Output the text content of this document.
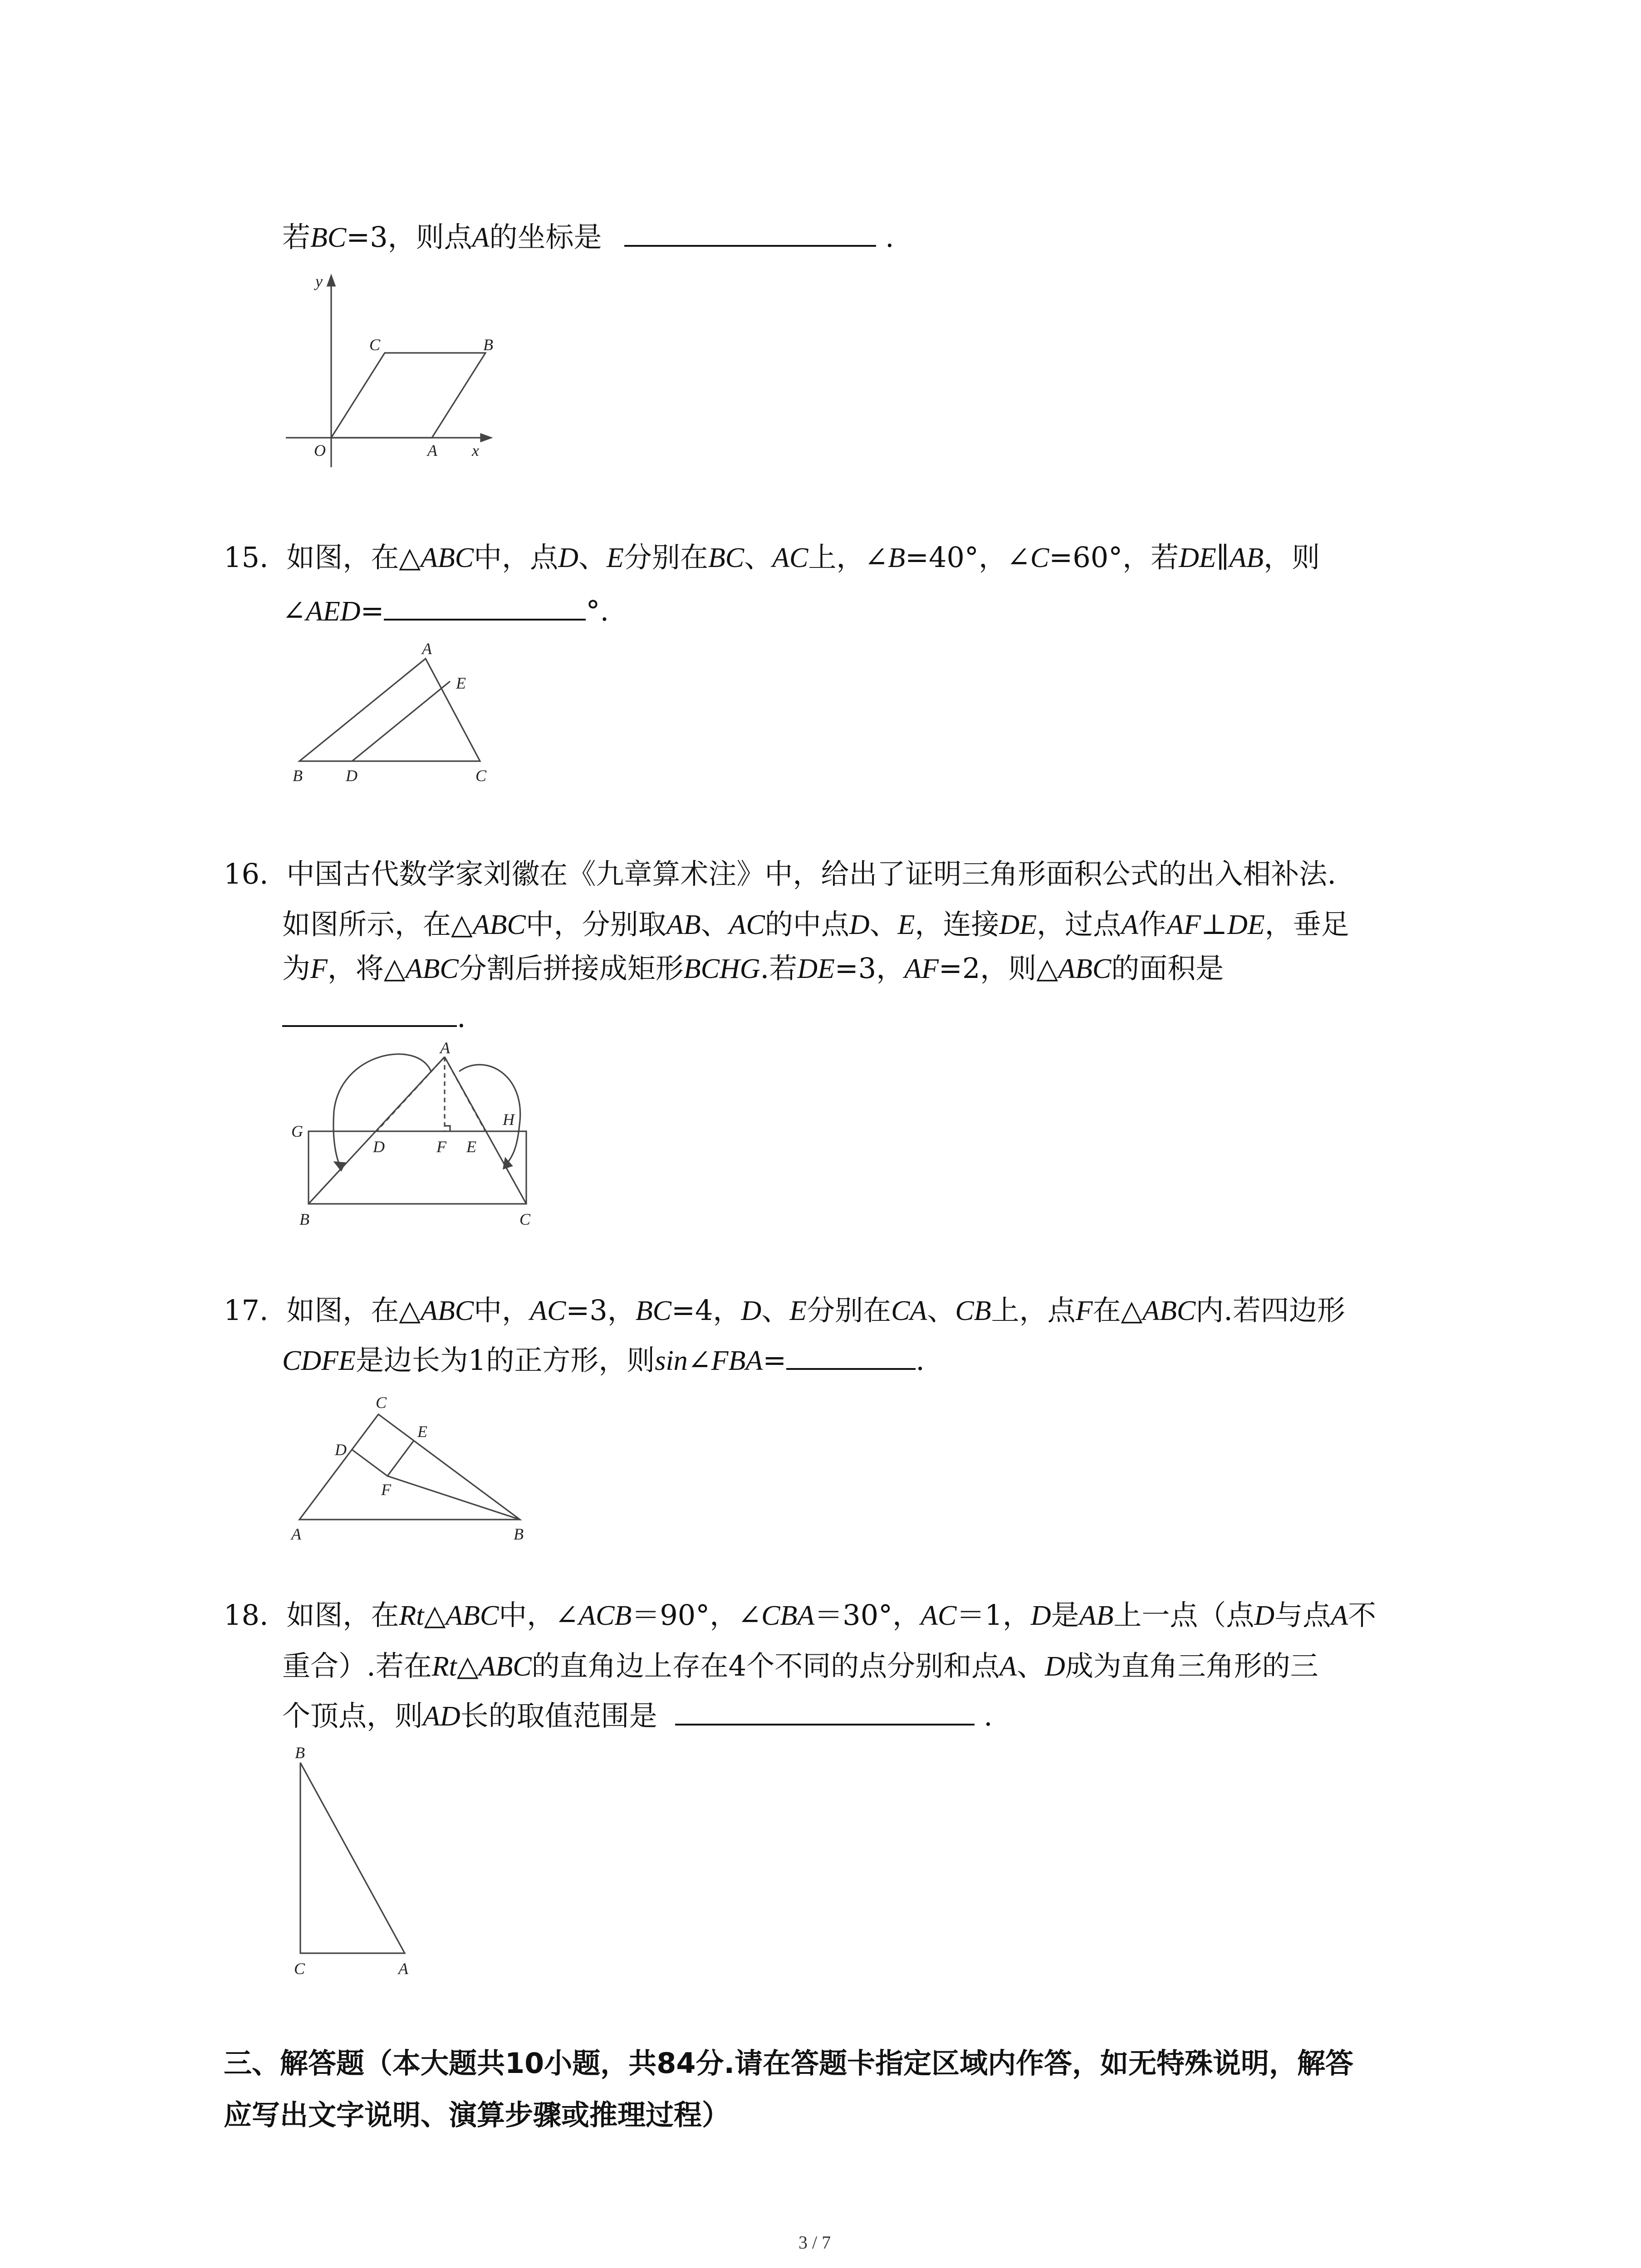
若BC=3，则点A的坐标是	.
y
x
O	A
B
C
15. 如图，在△ABC中，点D、E分别在BC、AC上，∠B=40°，∠C=60°，若DE∥AB，则
∠AED=	°.
A
E
B	D	C
16. 中国古代数学家刘徽在《九章算术注》中，给出了证明三角形面积公式的出入相补法.
如图所示，在△ABC中，分别取AB、AC的中点D、E，连接DE，过点A作AF⊥DE，垂足
为F，将△ABC分割后拼接成矩形BCHG.若DE=3，AF=2，则△ABC的面积是
.
A
G
D	F E
H
B	C
17. 如图，在△ABC中，AC=3，BC=4，D、E分别在CA、CB上，点F在△ABC内.若四边形
CDFE是边长为1的正方形，则sin∠FBA=	.
C
D
E
F
A	B
18. 如图，在Rt△ABC中，∠ACB＝90°，∠CBA＝30°，AC＝1，D是AB上一点（点D与点A不
重合）.若在Rt△ABC的直角边上存在4个不同的点分别和点A、D成为直角三角形的三
个顶点，则AD长的取值范围是	.
B
C	A
三、解答题（本大题共10小题，共84分.请在答题卡指定区域内作答，如无特殊说明，解答
应写出文字说明、演算步骤或推理过程）
3 / 7
